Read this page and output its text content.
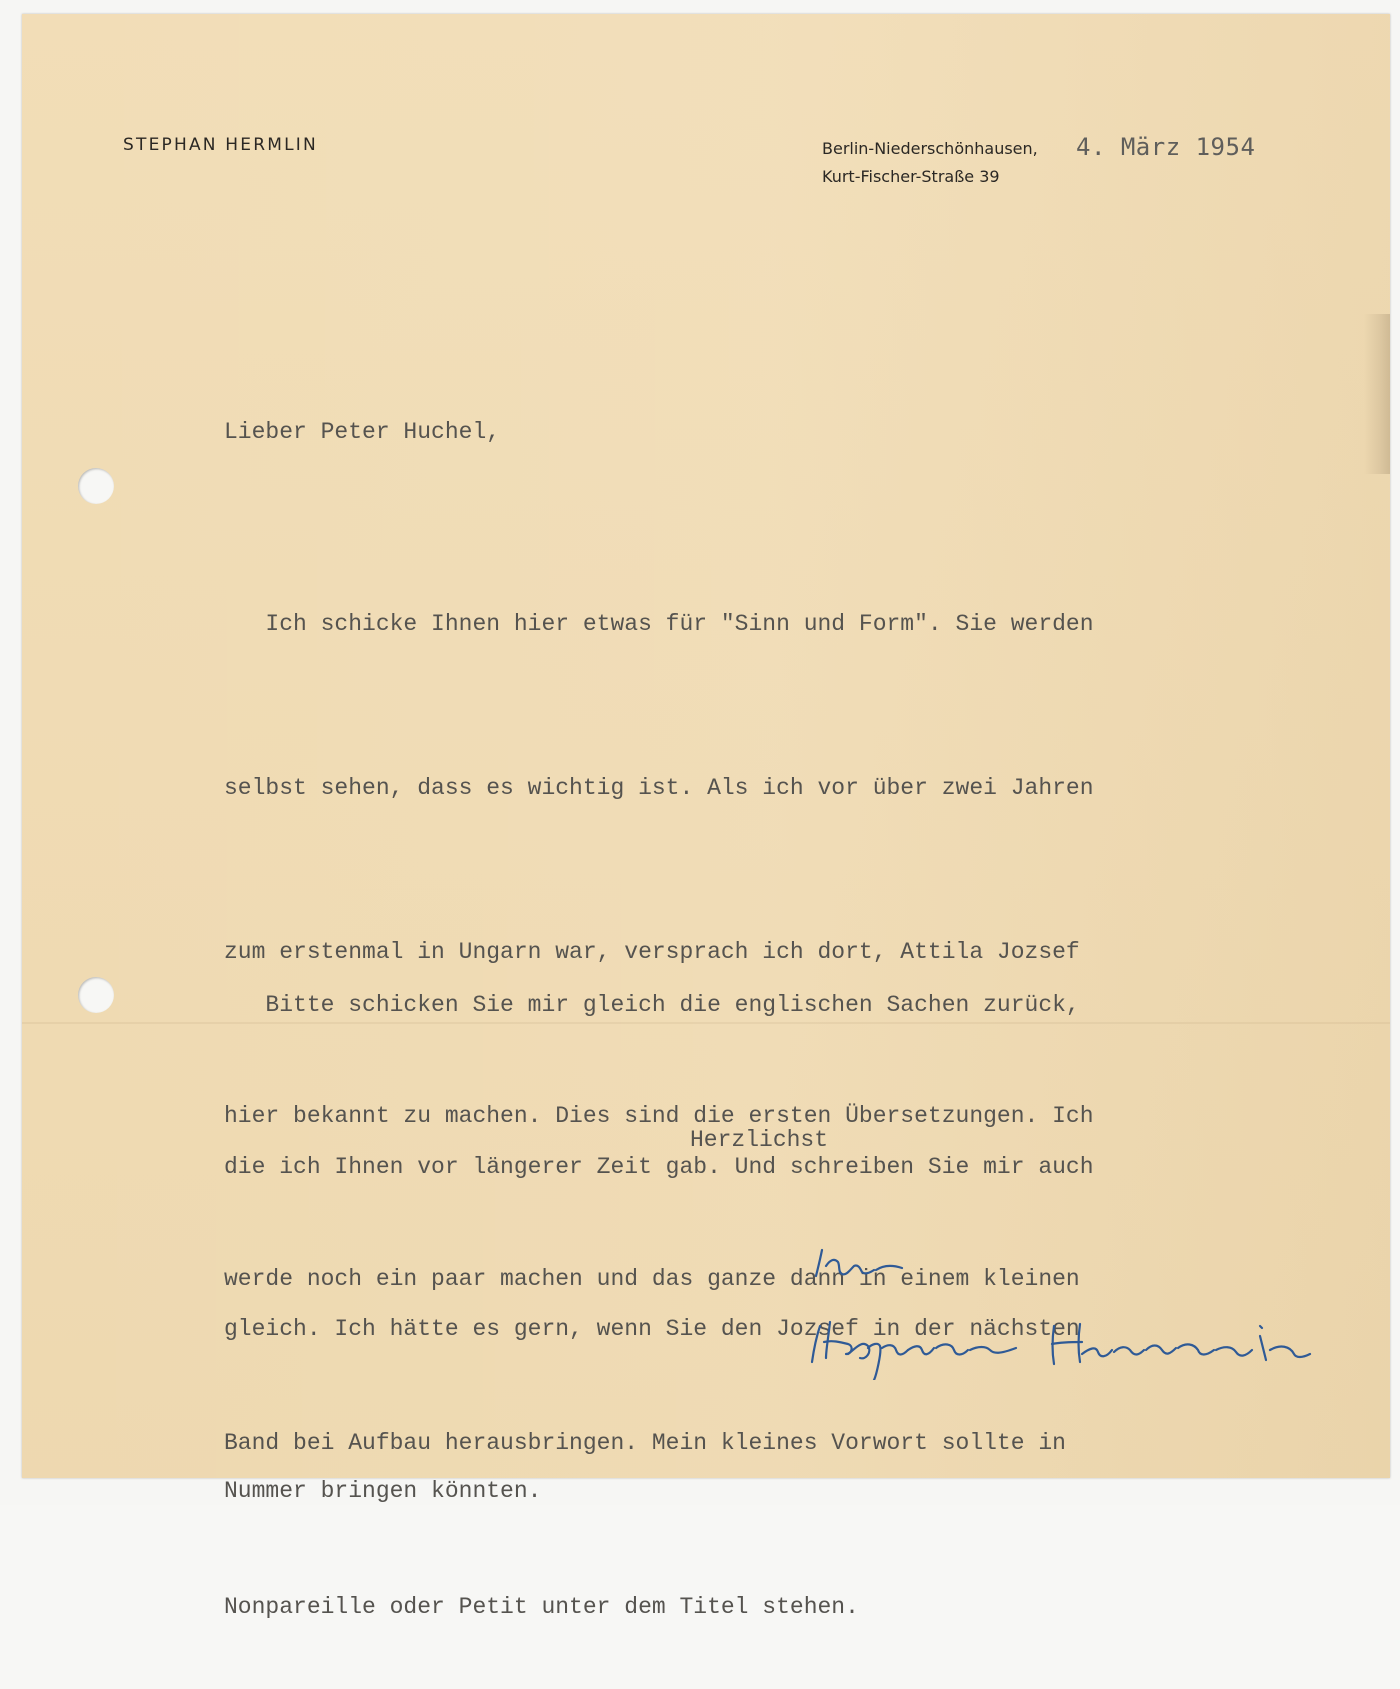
STEPHAN HERMLIN	Berlin-Niederschönhausen,
Kurt-Fischer-Straße 39
4. März 1954
Lieber Peter Huchel,

Ich schicke Ihnen hier etwas für "Sinn und Form". Sie werden

selbst sehen, dass es wichtig ist. Als ich vor über zwei Jahren

zum erstenmal in Ungarn war, versprach ich dort, Attila Jozsef

hier bekannt zu machen. Dies sind die ersten Übersetzungen. Ich

werde noch ein paar machen und das ganze dann in einem kleinen

Band bei Aufbau herausbringen. Mein kleines Vorwort sollte in

Nonpareille oder Petit unter dem Titel stehen.

Bitte schicken Sie mir gleich die englischen Sachen zurück,

die ich Ihnen vor längerer Zeit gab. Und schreiben Sie mir auch

gleich. Ich hätte es gern, wenn Sie den Jozsef in der nächsten

Nummer bringen könnten.

Herzlichst
